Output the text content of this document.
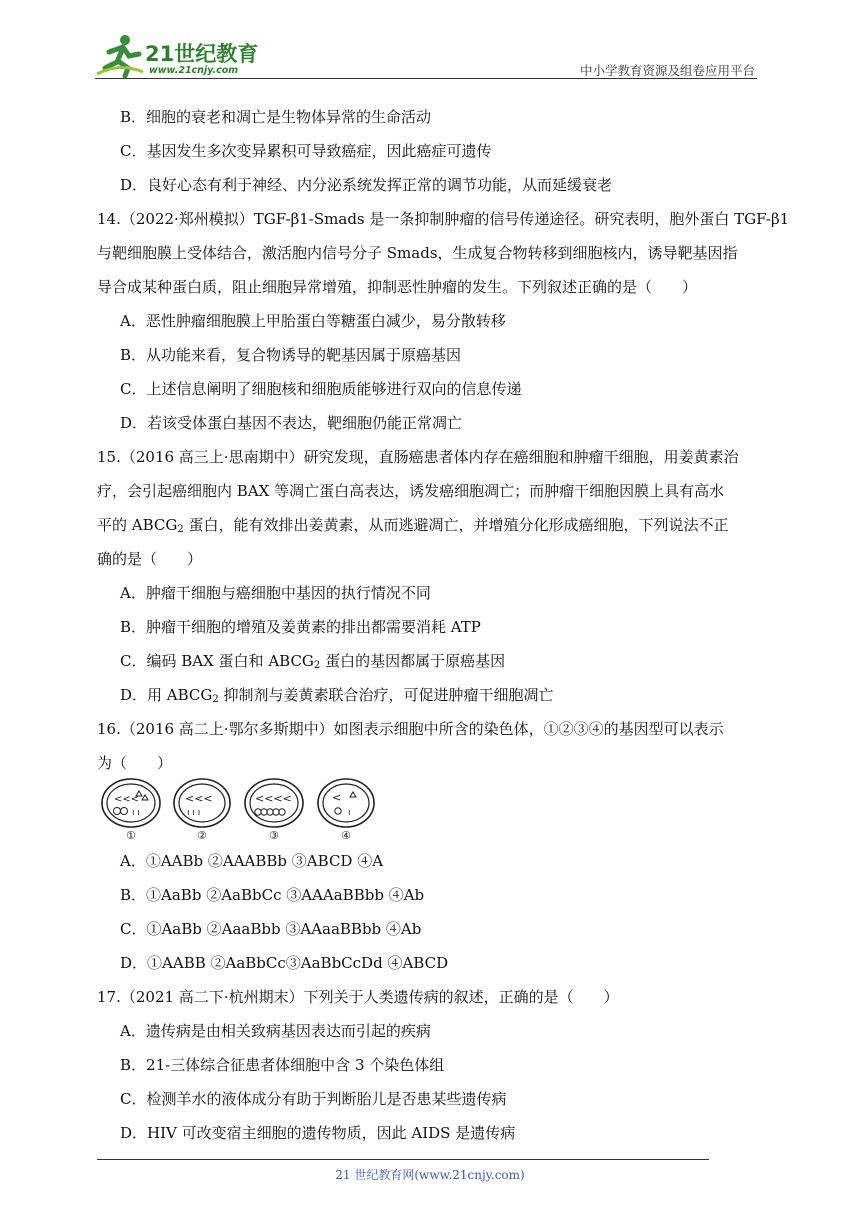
21世纪教育
www.21cnjy.com	中小学教育资源及组卷应用平台
B．细胞的衰老和凋亡是生物体异常的生命活动
C．基因发生多次变异累积可导致癌症，因此癌症可遗传
D．良好心态有利于神经、内分泌系统发挥正常的调节功能，从而延缓衰老
14.（2022·郑州模拟）TGF-β1-Smads 是一条抑制肿瘤的信号传递途径。研究表明，胞外蛋白 TGF-β1
与靶细胞膜上受体结合，激活胞内信号分子 Smads，生成复合物转移到细胞核内，诱导靶基因指
导合成某种蛋白质，阻止细胞异常增殖，抑制恶性肿瘤的发生。下列叙述正确的是（　　）
A．恶性肿瘤细胞膜上甲胎蛋白等糖蛋白减少，易分散转移
B．从功能来看，复合物诱导的靶基因属于原癌基因
C．上述信息阐明了细胞核和细胞质能够进行双向的信息传递
D．若该受体蛋白基因不表达，靶细胞仍能正常凋亡
15.（2016 高三上·思南期中）研究发现，直肠癌患者体内存在癌细胞和肿瘤干细胞，用姜黄素治
疗，会引起癌细胞内 BAX 等凋亡蛋白高表达，诱发癌细胞凋亡；而肿瘤干细胞因膜上具有高水
平的 $ABCG_2$ 蛋白，能有效排出姜黄素，从而逃避凋亡，并增殖分化形成癌细胞，下列说法不正
确的是（　　）
A．肿瘤干细胞与癌细胞中基因的执行情况不同
B．肿瘤干细胞的增殖及姜黄素的排出都需要消耗 ATP
C．编码 BAX 蛋白和 $ABCG_2$ 蛋白的基因都属于原癌基因
D．用 $ABCG_2$ 抑制剂与姜黄素联合治疗，可促进肿瘤干细胞凋亡
16.（2016 高二上·鄂尔多斯期中）如图表示细胞中所含的染色体，①②③④的基因型可以表示
为（　　）
<<<
ı ı
①
<<<
ı ı ı
②
<<<<
③
<
ı
④
A．①AABb ②AAABBb ③ABCD ④A
B．①AaBb ②AaBbCc ③AAAaBBbb ④Ab
C．①AaBb ②AaaBbb ③AAaaBBbb ④Ab
D．①AABB ②AaBbCc③AaBbCcDd ④ABCD
17.（2021 高二下·杭州期末）下列关于人类遗传病的叙述，正确的是（　　）
A．遗传病是由相关致病基因表达而引起的疾病
B．21-三体综合征患者体细胞中含 3 个染色体组
C．检测羊水的液体成分有助于判断胎儿是否患某些遗传病
D．HIV 可改变宿主细胞的遗传物质，因此 AIDS 是遗传病
21 世纪教育网(www.21cnjy.com)
